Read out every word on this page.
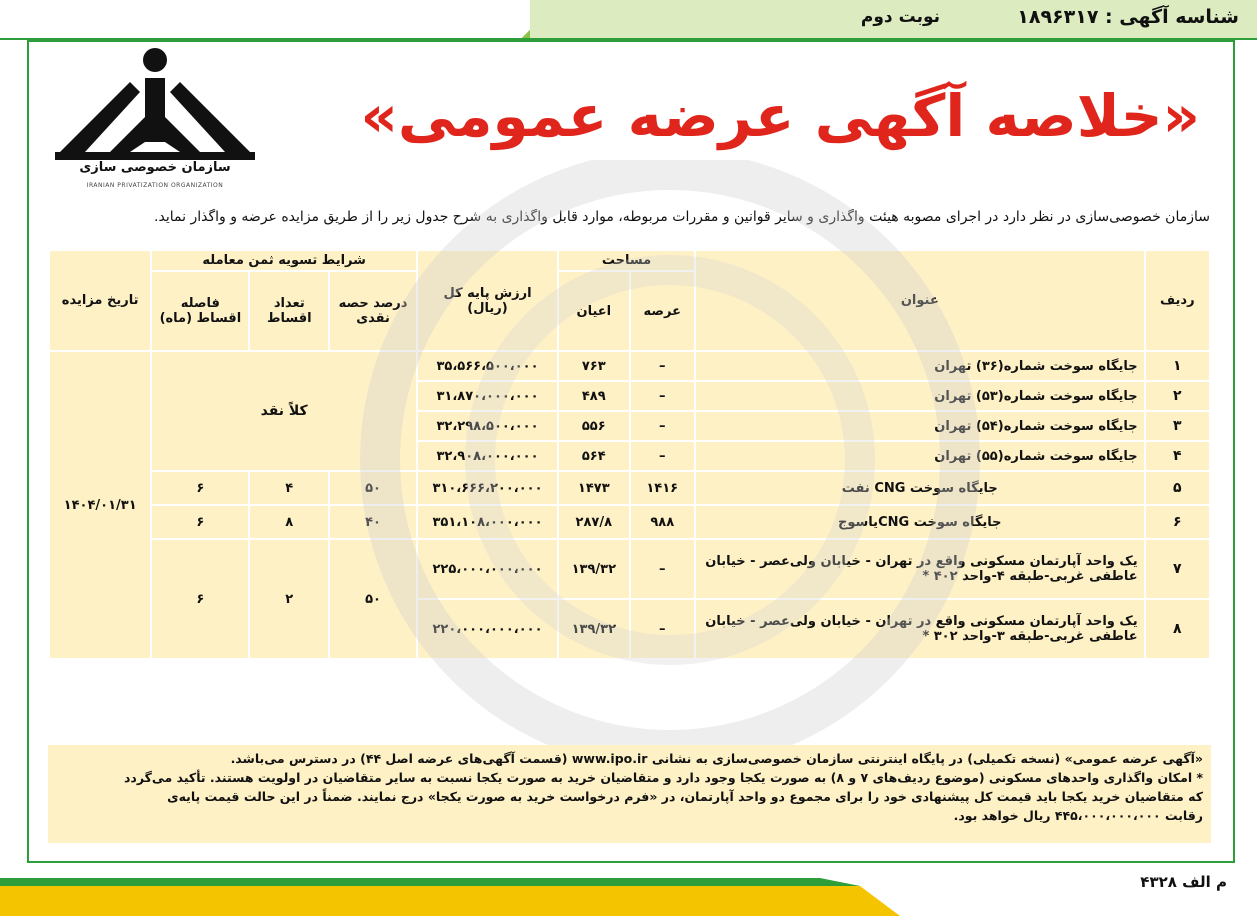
شناسه آگهی : ۱۸۹۶۳۱۷
نوبت دوم
سازمان خصوصی سازی
IRANIAN PRIVATIZATION ORGANIZATION
«خلاصه آگهی عرضه عمومی»
سازمان خصوصی‌سازی در نظر دارد در اجرای مصوبه هیئت واگذاری و سایر قوانین و مقررات مربوطه، موارد قابل واگذاری به شرح جدول زیر را از طریق مزایده عرضه و واگذار نماید.
ردیف	عنوان	مساحت		ارزش پایه کل (ریال)	شرایط تسویه ثمن معامله			تاریخ مزایده
		عرصه	اعیان		درصد حصه نقدی	تعداد اقساط	فاصله اقساط (ماه)	
۱	جایگاه سوخت شماره(۳۶) تهران	–	۷۶۳	۳۵،۵۶۶،۵۰۰،۰۰۰	کلاً نقد			۱۴۰۴/۰۱/۳۱
۲	جایگاه سوخت شماره(۵۳) تهران	–	۴۸۹	۳۱،۸۷۰،۰۰۰،۰۰۰				
۳	جایگاه سوخت شماره(۵۴) تهران	–	۵۵۶	۳۲،۲۹۸،۵۰۰،۰۰۰				
۴	جایگاه سوخت شماره(۵۵) تهران	–	۵۶۴	۳۲،۹۰۸،۰۰۰،۰۰۰				
۵	جایگاه سوخت CNG نفت	۱۴۱۶	۱۴۷۳	۳۱۰،۶۶۶،۲۰۰،۰۰۰	۵۰	۴	۶	
۶	جایگاه سوخت CNGیاسوج	۹۸۸	۲۸۷/۸	۳۵۱،۱۰۸،۰۰۰،۰۰۰	۴۰	۸	۶	
۷	یک واحد آپارتمان مسکونی واقع در تهران - خیابان ولی‌عصر - خیابان عاطفی غربی-طبقه ۴-واحد ۴۰۲ *	–	۱۳۹/۳۲	۲۲۵،۰۰۰،۰۰۰،۰۰۰	۵۰	۲	۶	
۸	یک واحد آپارتمان مسکونی واقع در تهران - خیابان ولی‌عصر - خیابان عاطفی غربی-طبقه ۳-واحد ۳۰۲ *	–	۱۳۹/۳۲	۲۲۰،۰۰۰،۰۰۰،۰۰۰				
«آگهی عرضه عمومی» (نسخه تکمیلی) در پایگاه اینترنتی سازمان خصوصی‌سازی به نشانی www.ipo.ir (قسمت آگهی‌های عرضه اصل ۴۴) در دسترس می‌باشد.
* امکان واگذاری واحدهای مسکونی (موضوع ردیف‌های ۷ و ۸) به صورت یکجا وجود دارد و متقاضیان خرید به صورت یکجا نسبت به سایر متقاضیان در اولویت هستند. تأکید می‌گردد
که متقاضیان خرید یکجا باید قیمت کل پیشنهادی خود را برای مجموع دو واحد آپارتمان، در «فرم درخواست خرید به صورت یکجا» درج نمایند. ضمناً در این حالت قیمت پایه‌ی
رقابت ۴۴۵،۰۰۰،۰۰۰،۰۰۰ ریال خواهد بود.
م الف ۴۳۲۸
